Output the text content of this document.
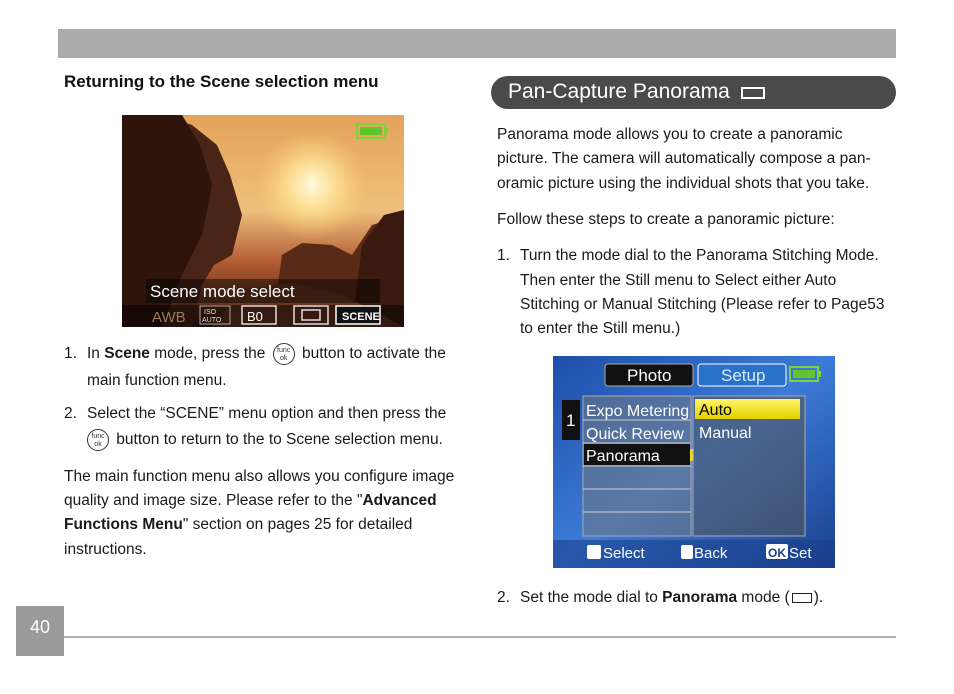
Returning to the Scene selection menu
Scene mode select
AWB	ISO
AUTO B0	SCENE
1. In Scene mode, press the func
ok button to activate the
main function menu.
2. Select the “SCENE” menu option and then press the
func
ok button to return to the to Scene selection menu.
The main function menu also allows you configure image
quality and image size. Please refer to the "Advanced
Functions Menu" section on pages 25 for detailed
instructions.
Pan-Capture Panorama
Panorama mode allows you to create a panoramic
picture. The camera will automatically compose a pan-
oramic picture using the individual shots that you take.
Follow these steps to create a panoramic picture:
1. Turn the mode dial to the Panorama Stitching Mode.
Then enter the Still menu to Select either Auto
Stitching or Manual Stitching (Please refer to Page53
to enter the Still menu.)
Photo	Setup
1 Expo Metering
Quick Review
Panorama
Auto
Manual
Select	Back	OK Set
2. Set the mode dial to Panorama mode ( ).
40
